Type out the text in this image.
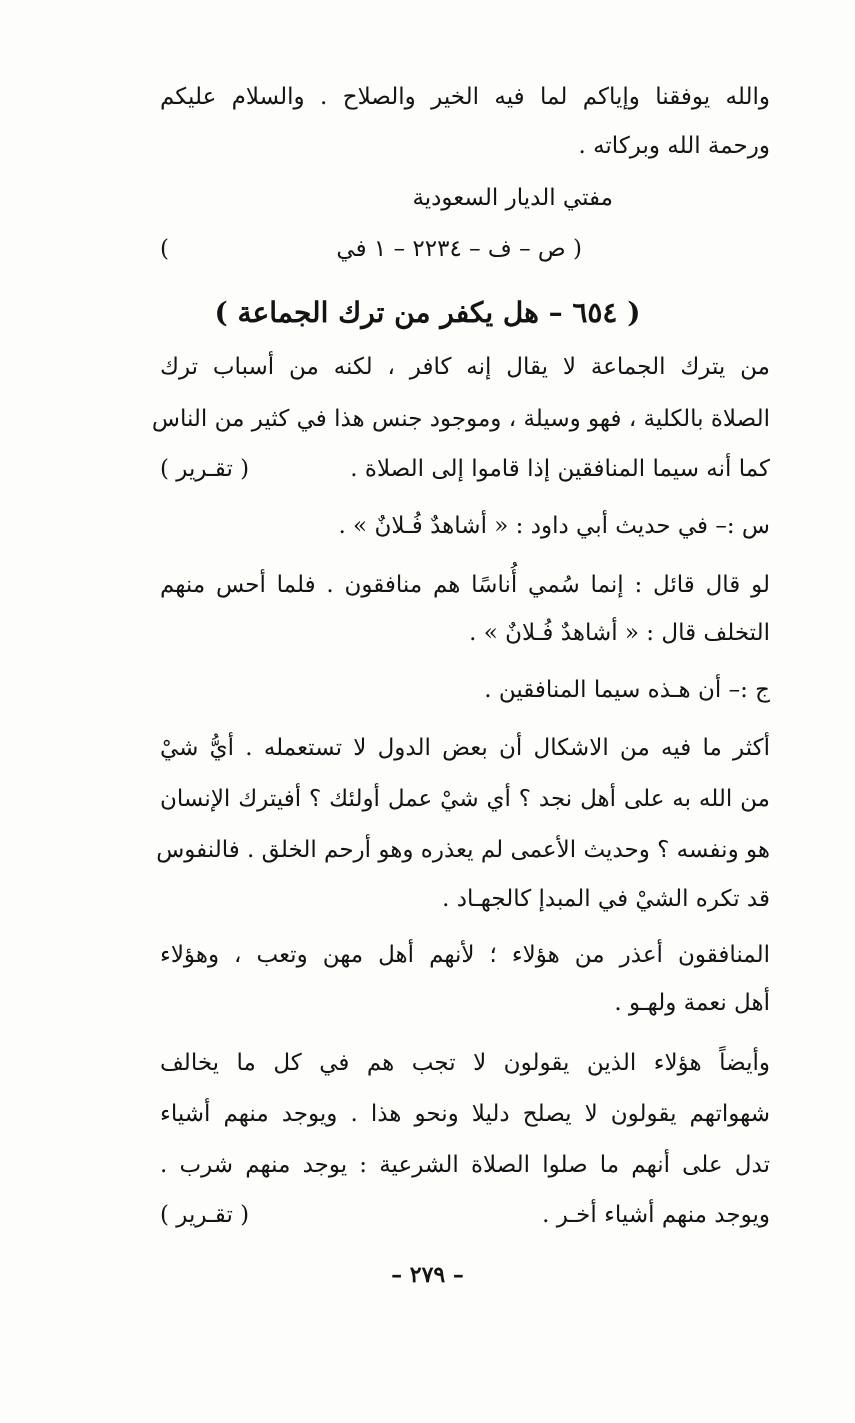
والله يوفقنا وإياكم لما فيه الخير والصلاح . والسلام عليكم
ورحمة الله وبركاته .
مفتي الديار السعودية
( ص – ف – ٢٢٣٤ – ١ في
)
( ٦٥٤ – هل يكفر من ترك الجماعة )
من يترك الجماعة لا يقال إنه كافر ، لكنه من أسباب ترك
الصلاة بالكلية ، فهو وسيلة ، وموجود جنس هذا في كثير من الناس
كما أنه سيما المنافقين إذا قاموا إلى الصلاة .
( تقـرير )
س :– في حديث أبي داود : « أشاهدٌ فُـلانٌ » .
لو قال قائل : إنما سُمي أُناسًا هم منافقون . فلما أحس منهم
التخلف قال : « أشاهدٌ فُـلانٌ » .
ج :– أن هـذه سيما المنافقين .
أكثر ما فيه من الاشكال أن بعض الدول لا تستعمله . أيُّ شيْ
من الله به على أهل نجد ؟ أي شيْ عمل أولئك ؟ أفيترك الإنسان
هو ونفسه ؟ وحديث الأعمى لم يعذره وهو أرحم الخلق . فالنفوس
قد تكره الشيْ في المبدإ كالجهـاد .
المنافقون أعذر من هؤلاء ؛ لأنهم أهل مهن وتعب ، وهؤلاء
أهل نعمة ولهـو .
وأيضاً هؤلاء الذين يقولون لا تجب هم في كل ما يخالف
شهواتهم يقولون لا يصلح دليلا ونحو هذا . ويوجد منهم أشياء
تدل على أنهم ما صلوا الصلاة الشرعية : يوجد منهم شرب .
ويوجد منهم أشياء أخـر .
( تقـرير )
– ٢٧٩ –
